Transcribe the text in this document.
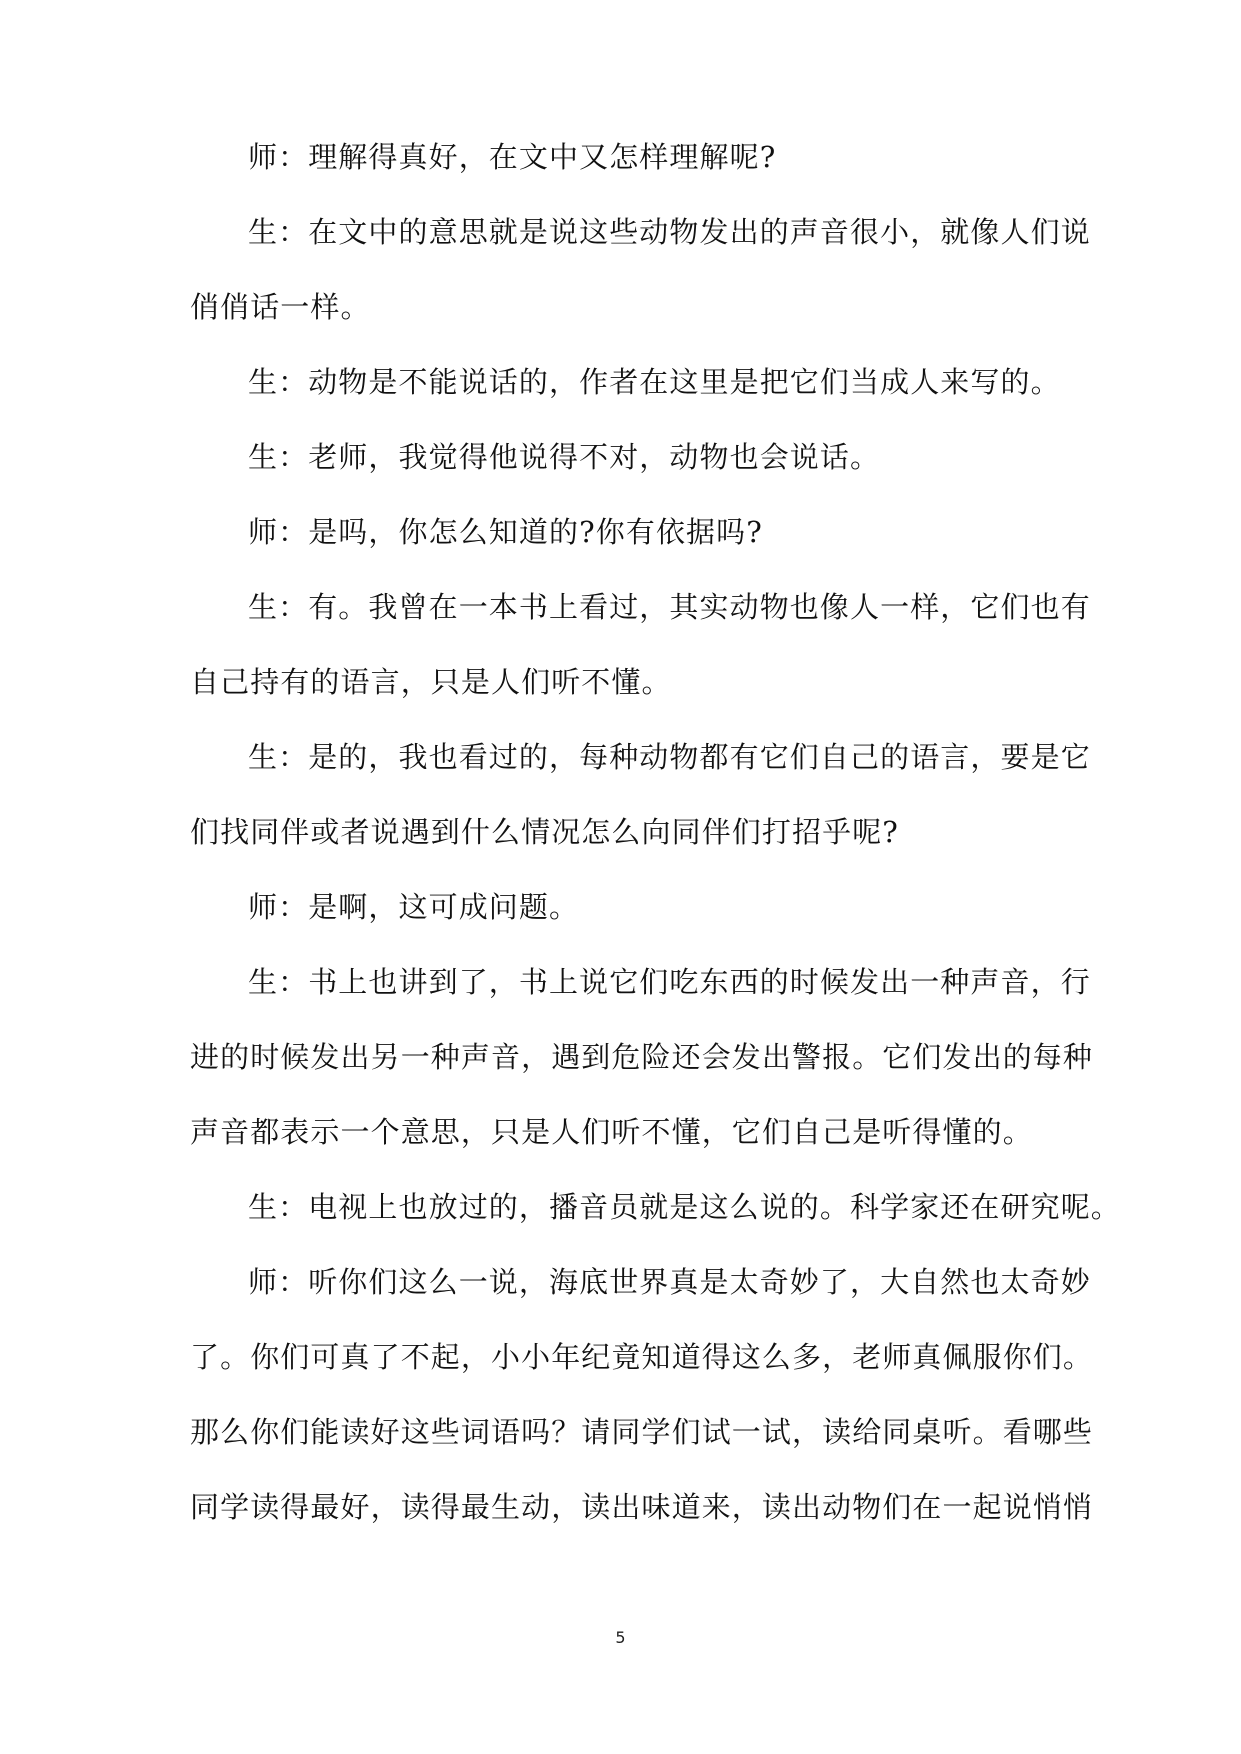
师：理解得真好，在文中又怎样理解呢?
生：在文中的意思就是说这些动物发出的声音很小，就像人们说
俏俏话一样。
生：动物是不能说话的，作者在这里是把它们当成人来写的。
生：老师，我觉得他说得不对，动物也会说话。
师：是吗，你怎么知道的?你有依据吗?
生：有。我曾在一本书上看过，其实动物也像人一样，它们也有
自己持有的语言，只是人们听不懂。
生：是的，我也看过的，每种动物都有它们自己的语言，要是它
们找同伴或者说遇到什么情况怎么向同伴们打招乎呢?
师：是啊，这可成问题。
生：书上也讲到了，书上说它们吃东西的时候发出一种声音，行
进的时候发出另一种声音，遇到危险还会发出警报。它们发出的每种
声音都表示一个意思，只是人们听不懂，它们自己是听得懂的。
生：电视上也放过的，播音员就是这么说的。科学家还在研究呢。
师：听你们这么一说，海底世界真是太奇妙了，大自然也太奇妙
了。你们可真了不起，小小年纪竟知道得这么多，老师真佩服你们。
那么你们能读好这些词语吗？请同学们试一试，读给同桌听。看哪些
同学读得最好，读得最生动，读出味道来，读出动物们在一起说悄悄
5
